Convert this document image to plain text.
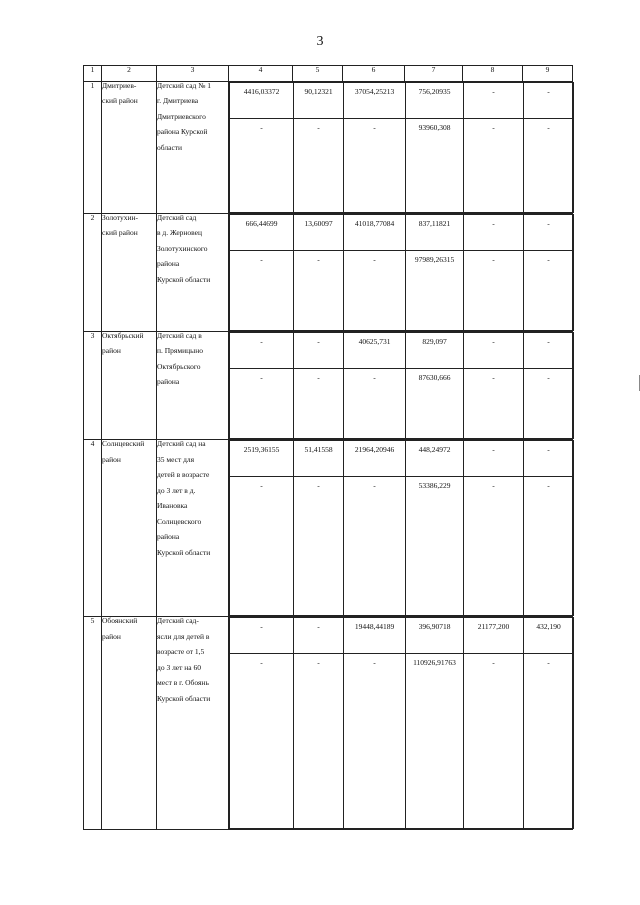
3
1	2	3	4	5	6	7	8	9
1	Дмитриев-
ский район

Детский сад № 1
г. Дмитриева
Дмитриевского
района Курской
области

4416,03372	90,12321	37054,25213	756,20935	-	-
-	-	-	93960,308	-	-

2	Золотухин-
ский район

Детский сад
в д. Жерновец
Золотухинского
района
Курской области

666,44699	13,60097	41018,77084	837,11821	-	-
-	-	-	97989,26315	-	-

3	Октябрьский
район

Детский сад в
п. Прямицыно
Октябрьского
района

-	-	40625,731	829,097	-	-
-	-	-	87630,666	-	-

4	Солнцевский
район

Детский сад на
35 мест для
детей в возрасте
до 3 лет в д.
Ивановка
Солнцевского
района
Курской области

2519,36155	51,41558	21964,20946	448,24972	-	-
-	-	-	53386,229	-	-

5	Обоянский
район

Детский сад-
ясли для детей в
возрасте от 1,5
до 3 лет на 60
мест в г. Обоянь
Курской области

-	-	19448,44189	396,90718	21177,200	432,190
-	-	-	110926,91763	-	-
